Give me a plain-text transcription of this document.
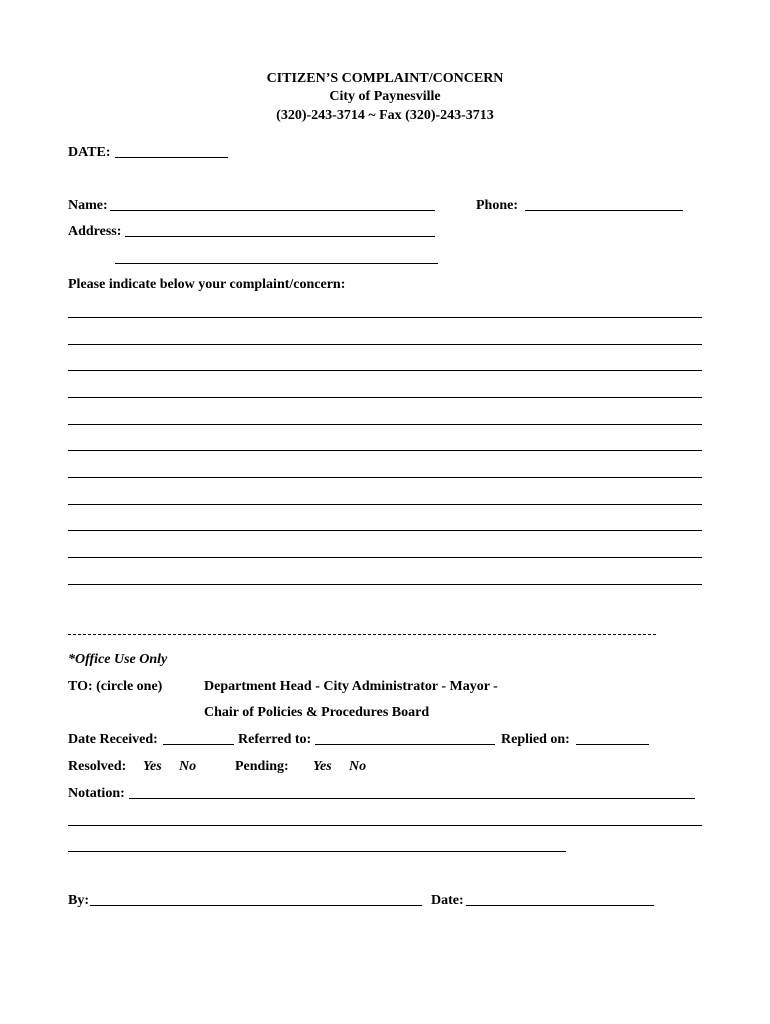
CITIZEN’S COMPLAINT/CONCERN
City of Paynesville
(320)-243-3714 ~ Fax (320)-243-3713
DATE:
Name:	Phone:
Address:
Please indicate below your complaint/concern:
*Office Use Only
TO: (circle one)	Department Head - City Administrator - Mayor -
Chair of Policies & Procedures Board
Date Received:	Referred to:	Replied on:
Resolved: Yes No	Pending: Yes No
Notation:
By:	Date:
